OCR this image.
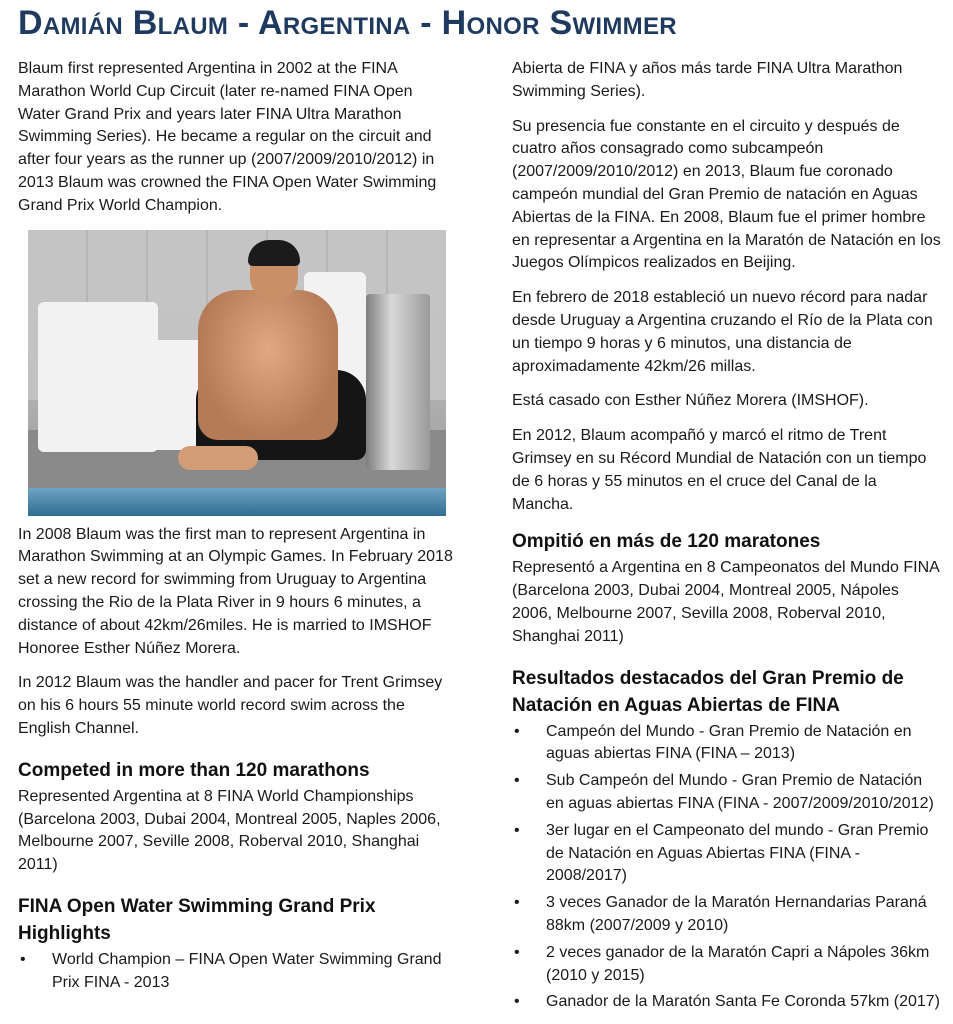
Damián Blaum - Argentina - Honor Swimmer

Blaum first represented Argentina in 2002 at the FINA Marathon World Cup Circuit (later re-named FINA Open Water Grand Prix and years later FINA Ultra Marathon Swimming Series). He became a regular on the circuit and after four years as the runner up (2007/2009/2010/2012) in 2013 Blaum was crowned the FINA Open Water Swimming Grand Prix World Champion.

In 2008 Blaum was the first man to represent Argentina in Marathon Swimming at an Olympic Games. In February 2018 set a new record for swimming from Uruguay to Argentina crossing the Rio de la Plata River in 9 hours 6 minutes, a distance of about 42km/26miles. He is married to IMSHOF Honoree Esther Núñez Morera.

In 2012 Blaum was the handler and pacer for Trent Grimsey on his 6 hours 55 minute world record swim across the English Channel.

Competed in more than 120 marathons

Represented Argentina at 8 FINA World Championships (Barcelona 2003, Dubai 2004, Montreal 2005, Naples 2006, Melbourne 2007, Seville 2008, Roberval 2010, Shanghai 2011)

FINA Open Water Swimming Grand Prix Highlights
• World Champion – FINA Open Water Swimming Grand Prix FINA - 2013

Abierta de FINA y años más tarde FINA Ultra Marathon Swimming Series).

Su presencia fue constante en el circuito y después de cuatro años consagrado como subcampeón (2007/2009/2010/2012) en 2013, Blaum fue coronado campeón mundial del Gran Premio de natación en Aguas Abiertas de la FINA. En 2008, Blaum fue el primer hombre en representar a Argentina en la Maratón de Natación en los Juegos Olímpicos realizados en Beijing.

En febrero de 2018 estableció un nuevo récord para nadar desde Uruguay a Argentina cruzando el Río de la Plata con un tiempo 9 horas y 6 minutos, una distancia de aproximadamente 42km/26 millas.

Está casado con Esther Núñez Morera (IMSHOF).

En 2012, Blaum acompañó y marcó el ritmo de Trent Grimsey en su Récord Mundial de Natación con un tiempo de 6 horas y 55 minutos en el cruce del Canal de la Mancha.

Ompitió en más de 120 maratones

Representó a Argentina en 8 Campeonatos del Mundo FINA (Barcelona 2003, Dubai 2004, Montreal 2005, Nápoles 2006, Melbourne 2007, Sevilla 2008, Roberval 2010, Shanghai 2011)

Resultados destacados del Gran Premio de Natación en Aguas Abiertas de FINA
• Campeón del Mundo - Gran Premio de Natación en aguas abiertas FINA (FINA – 2013)
• Sub Campeón del Mundo - Gran Premio de Natación en aguas abiertas FINA (FINA - 2007/2009/2010/2012)
• 3er lugar en el Campeonato del mundo - Gran Premio de Natación en Aguas Abiertas FINA (FINA - 2008/2017)
• 3 veces Ganador de la Maratón Hernandarias Paraná 88km (2007/2009 y 2010)
• 2 veces ganador de la Maratón Capri a Nápoles 36km (2010 y 2015)
• Ganador de la Maratón Santa Fe Coronda 57km (2017)
